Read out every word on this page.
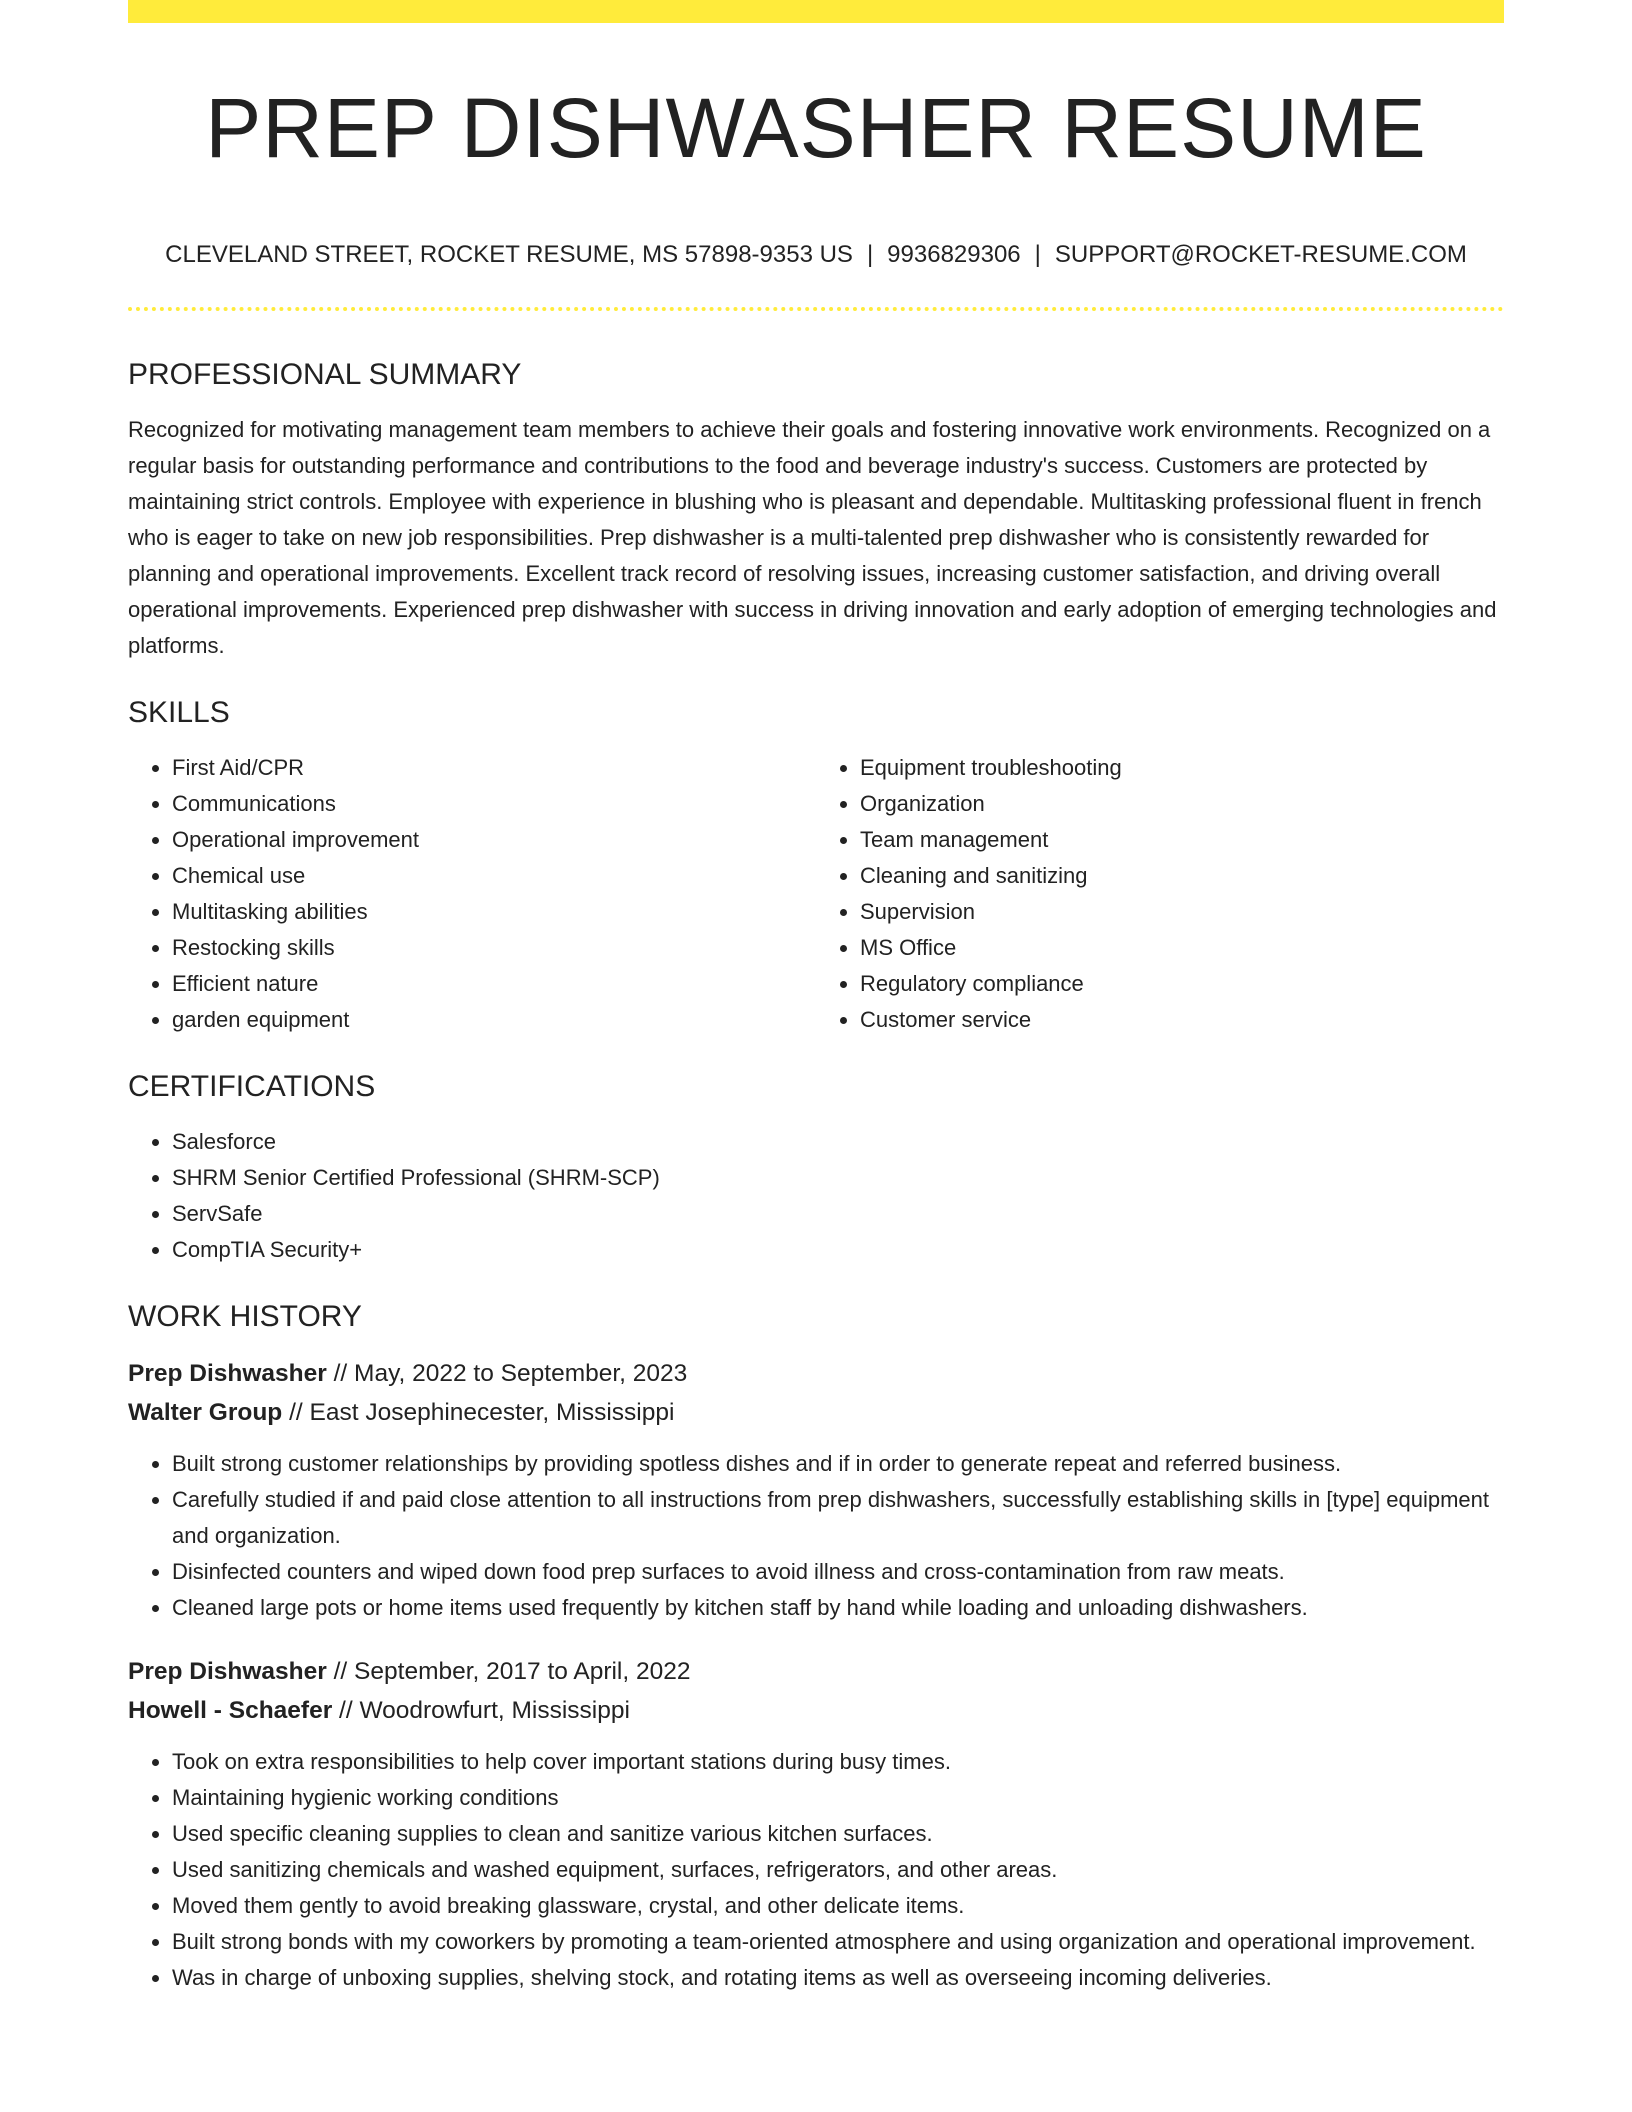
PREP DISHWASHER RESUME
CLEVELAND STREET, ROCKET RESUME, MS 57898-9353 US | 9936829306 | SUPPORT@ROCKET-RESUME.COM
PROFESSIONAL SUMMARY

Recognized for motivating management team members to achieve their goals and fostering innovative work environments. Recognized on a regular basis for outstanding performance and contributions to the food and beverage industry's success. Customers are protected by maintaining strict controls. Employee with experience in blushing who is pleasant and dependable. Multitasking professional fluent in french who is eager to take on new job responsibilities. Prep dishwasher is a multi-talented prep dishwasher who is consistently rewarded for planning and operational improvements. Excellent track record of resolving issues, increasing customer satisfaction, and driving overall operational improvements. Experienced prep dishwasher with success in driving innovation and early adoption of emerging technologies and platforms.

SKILLS
• First Aid/CPR
• Communications
• Operational improvement
• Chemical use
• Multitasking abilities
• Restocking skills
• Efficient nature
• garden equipment
• Equipment troubleshooting
• Organization
• Team management
• Cleaning and sanitizing
• Supervision
• MS Office
• Regulatory compliance
• Customer service
CERTIFICATIONS
• Salesforce
• SHRM Senior Certified Professional (SHRM-SCP)
• ServSafe
• CompTIA Security+
WORK HISTORY
Prep Dishwasher // May, 2022 to September, 2023
Walter Group // East Josephinecester, Mississippi
• Built strong customer relationships by providing spotless dishes and if in order to generate repeat and referred business.
• Carefully studied if and paid close attention to all instructions from prep dishwashers, successfully establishing skills in [type] equipment and organization.
• Disinfected counters and wiped down food prep surfaces to avoid illness and cross-contamination from raw meats.
• Cleaned large pots or home items used frequently by kitchen staff by hand while loading and unloading dishwashers.
Prep Dishwasher // September, 2017 to April, 2022
Howell - Schaefer // Woodrowfurt, Mississippi
• Took on extra responsibilities to help cover important stations during busy times.
• Maintaining hygienic working conditions
• Used specific cleaning supplies to clean and sanitize various kitchen surfaces.
• Used sanitizing chemicals and washed equipment, surfaces, refrigerators, and other areas.
• Moved them gently to avoid breaking glassware, crystal, and other delicate items.
• Built strong bonds with my coworkers by promoting a team-oriented atmosphere and using organization and operational improvement.
• Was in charge of unboxing supplies, shelving stock, and rotating items as well as overseeing incoming deliveries.
